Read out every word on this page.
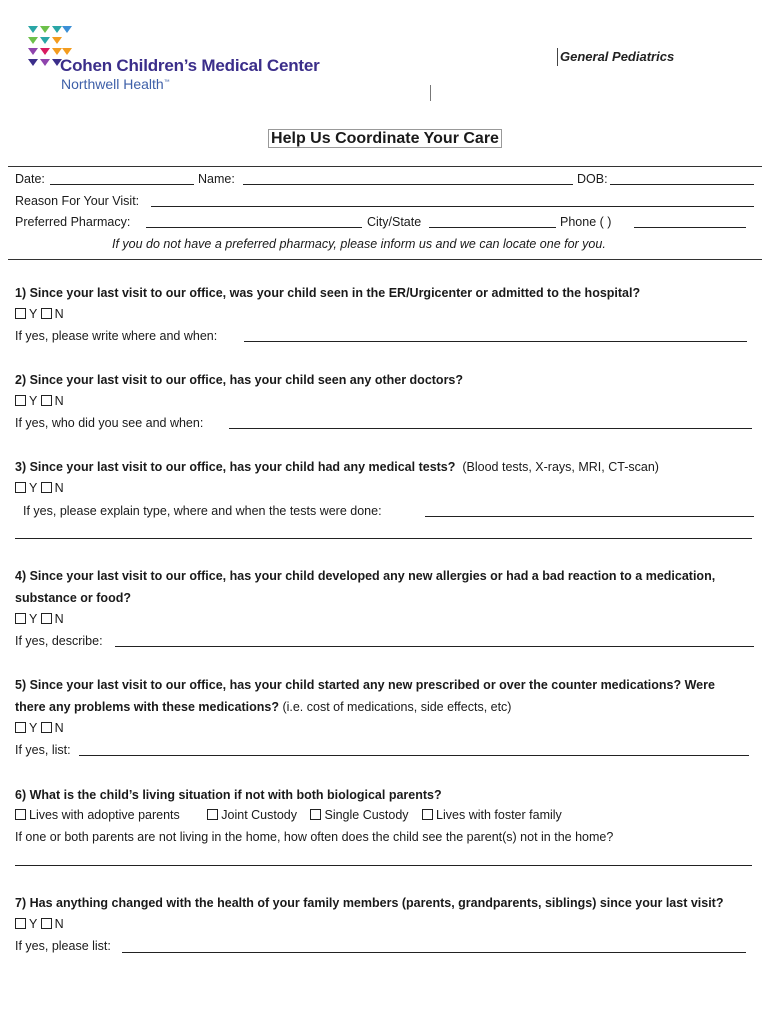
Cohen Children’s Medical Center
Northwell Health™
General Pediatrics
Help Us Coordinate Your Care
Date:	Name:	DOB:
Reason For Your Visit:
Preferred Pharmacy:	City/State	Phone ( )
If you do not have a preferred pharmacy, please inform us and we can locate one for you.
1) Since your last visit to our office, was your child seen in the ER/Urgicenter or admitted to the hospital?
Y N
If yes, please write where and when:
2) Since your last visit to our office, has your child seen any other doctors?
Y N
If yes, who did you see and when:
3) Since your last visit to our office, has your child had any medical tests? (Blood tests, X-rays, MRI, CT-scan)
Y N
If yes, please explain type, where and when the tests were done:
4) Since your last visit to our office, has your child developed any new allergies or had a bad reaction to a medication,
substance or food?
Y N
If yes, describe:
5) Since your last visit to our office, has your child started any new prescribed or over the counter medications? Were
there any problems with these medications? (i.e. cost of medications, side effects, etc)
Y N
If yes, list:
6) What is the child’s living situation if not with both biological parents?
Lives with adoptive parents	Joint Custody Single Custody Lives with foster family
If one or both parents are not living in the home, how often does the child see the parent(s) not in the home?
7) Has anything changed with the health of your family members (parents, grandparents, siblings) since your last visit?
Y N
If yes, please list:
